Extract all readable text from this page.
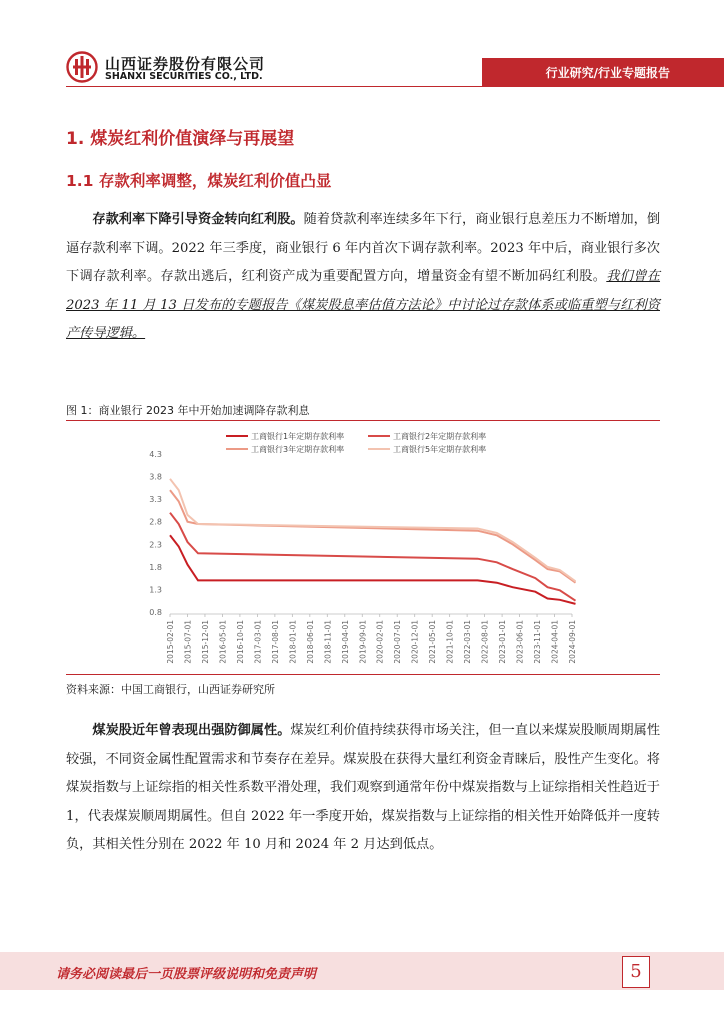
山西证券股份有限公司
SHANXI SECURITIES CO., LTD.	行业研究/行业专题报告
1. 煤炭红利价值演绎与再展望
1.1 存款利率调整，煤炭红利价值凸显

存款利率下降引导资金转向红利股。随着贷款利率连续多年下行，商业银行息差压力不断增加，倒逼存款利率下调。2022 年三季度，商业银行 6 年内首次下调存款利率。2023 年中后，商业银行多次下调存款利率。存款出逃后，红利资产成为重要配置方向，增量资金有望不断加码红利股。我们曾在 2023 年 11 月 13 日发布的专题报告《煤炭股息率估值方法论》中讨论过存款体系或临重塑与红利资产传导逻辑。

图 1：商业银行 2023 年中开始加速调降存款利息
工商银行1年定期存款利率	工商银行2年定期存款利率
工商银行3年定期存款利率	工商银行5年定期存款利率
4.3
3.8
3.3
2.8
2.3
1.8
1.3
0.8
2015-02-01 2015-07-01 2015-12-01 2016-05-01 2016-10-01 2017-03-01 2017-08-01 2018-01-01 2018-06-01 2018-11-01 2019-04-01 2019-09-01 2020-02-01 2020-07-01 2020-12-01 2021-05-01 2021-10-01 2022-03-01 2022-08-01 2023-01-01 2023-06-01 2023-11-01 2024-04-01 2024-09-01
资料来源：中国工商银行，山西证券研究所

煤炭股近年曾表现出强防御属性。煤炭红利价值持续获得市场关注，但一直以来煤炭股顺周期属性较强，不同资金属性配置需求和节奏存在差异。煤炭股在获得大量红利资金青睐后，股性产生变化。将煤炭指数与上证综指的相关性系数平滑处理，我们观察到通常年份中煤炭指数与上证综指相关性趋近于 1，代表煤炭顺周期属性。但自 2022 年一季度开始，煤炭指数与上证综指的相关性开始降低并一度转负，其相关性分别在 2022 年 10 月和 2024 年 2 月达到低点。

请务必阅读最后一页股票评级说明和免责声明	5
